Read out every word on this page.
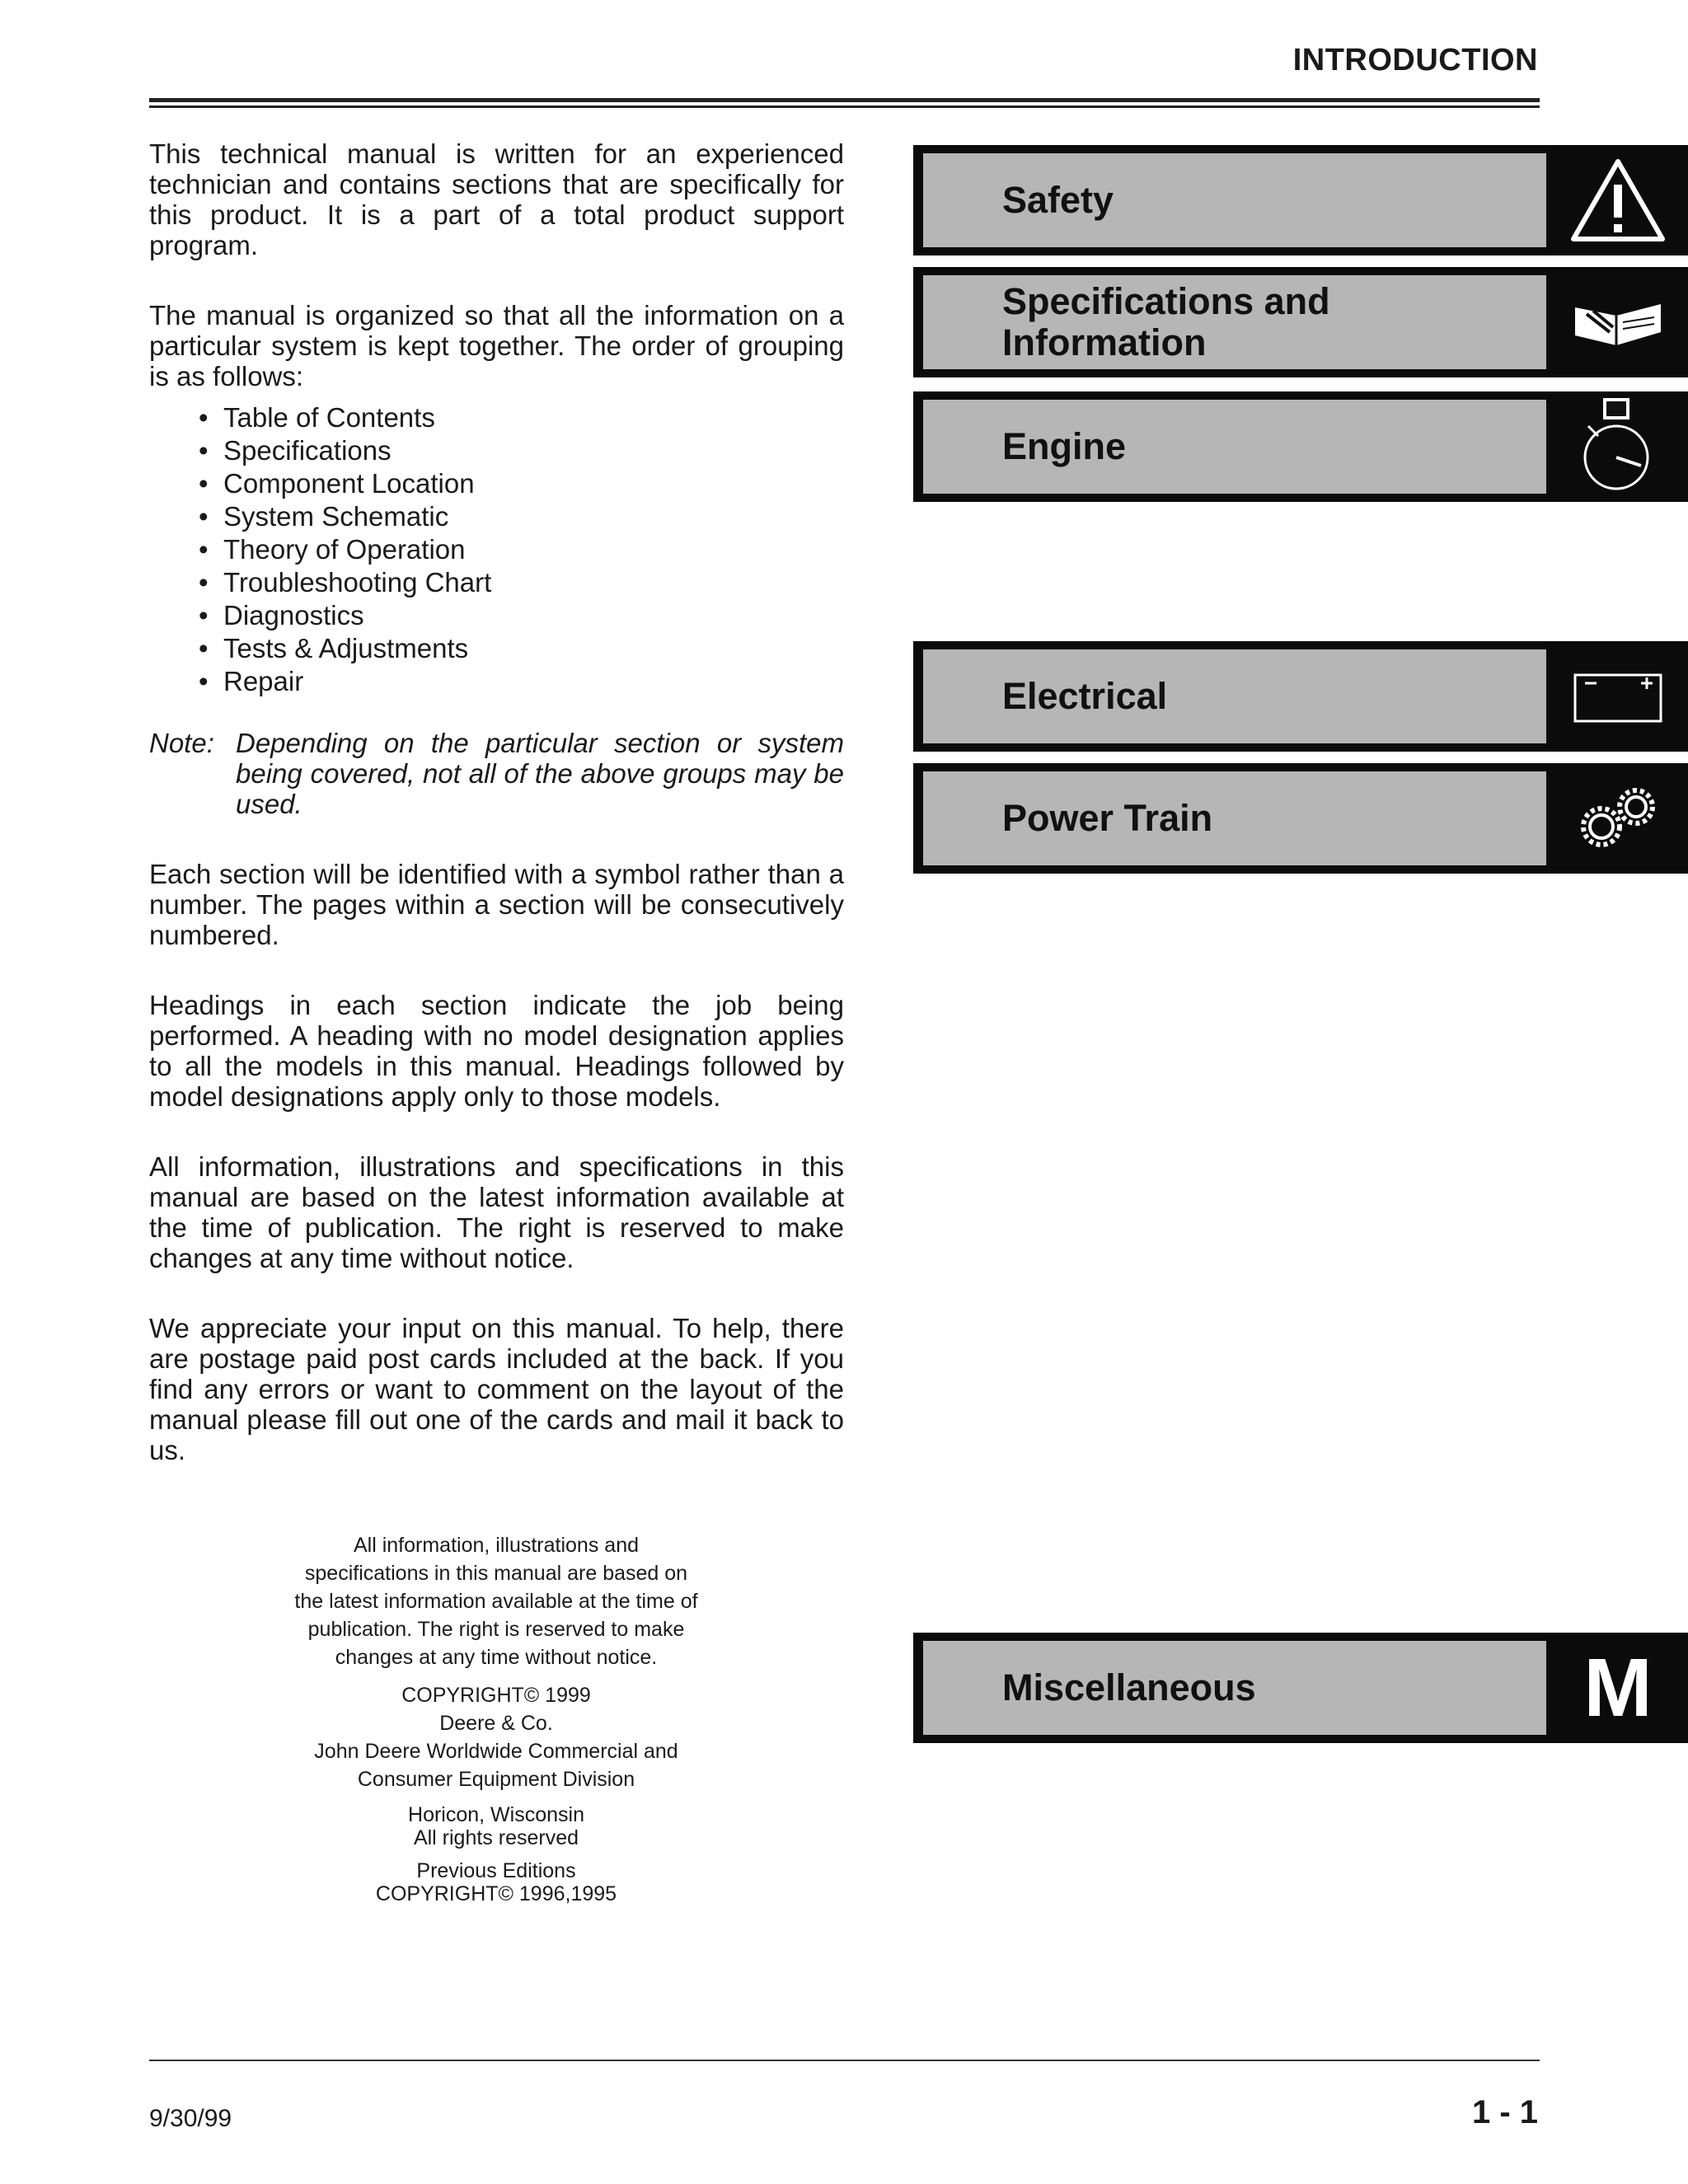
INTRODUCTION

This technical manual is written for an experienced technician and contains sections that are specifically for this product. It is a part of a total product support program.

The manual is organized so that all the information on a particular system is kept together. The order of grouping is as follows:

• Table of Contents
• Specifications
• Component Location
• System Schematic
• Theory of Operation
• Troubleshooting Chart
• Diagnostics
• Tests & Adjustments
• Repair
Note: Depending on the particular section or system being covered, not all of the above groups may be used.

Each section will be identified with a symbol rather than a number. The pages within a section will be consecutively numbered.

Headings in each section indicate the job being performed. A heading with no model designation applies to all the models in this manual. Headings followed by model designations apply only to those models.

All information, illustrations and specifications in this manual are based on the latest information available at the time of publication. The right is reserved to make changes at any time without notice.

We appreciate your input on this manual. To help, there are postage paid post cards included at the back. If you find any errors or want to comment on the layout of the manual please fill out one of the cards and mail it back to us.

All information, illustrations and
specifications in this manual are based on
the latest information available at the time of
publication. The right is reserved to make
changes at any time without notice.
COPYRIGHT© 1999
Deere & Co.
John Deere Worldwide Commercial and
Consumer Equipment Division
Horicon, Wisconsin
All rights reserved
Previous Editions
COPYRIGHT© 1996,1995
Safety
Specifications and Information
Engine
Electrical
Power Train
Miscellaneous	M
9/30/99	1 - 1
